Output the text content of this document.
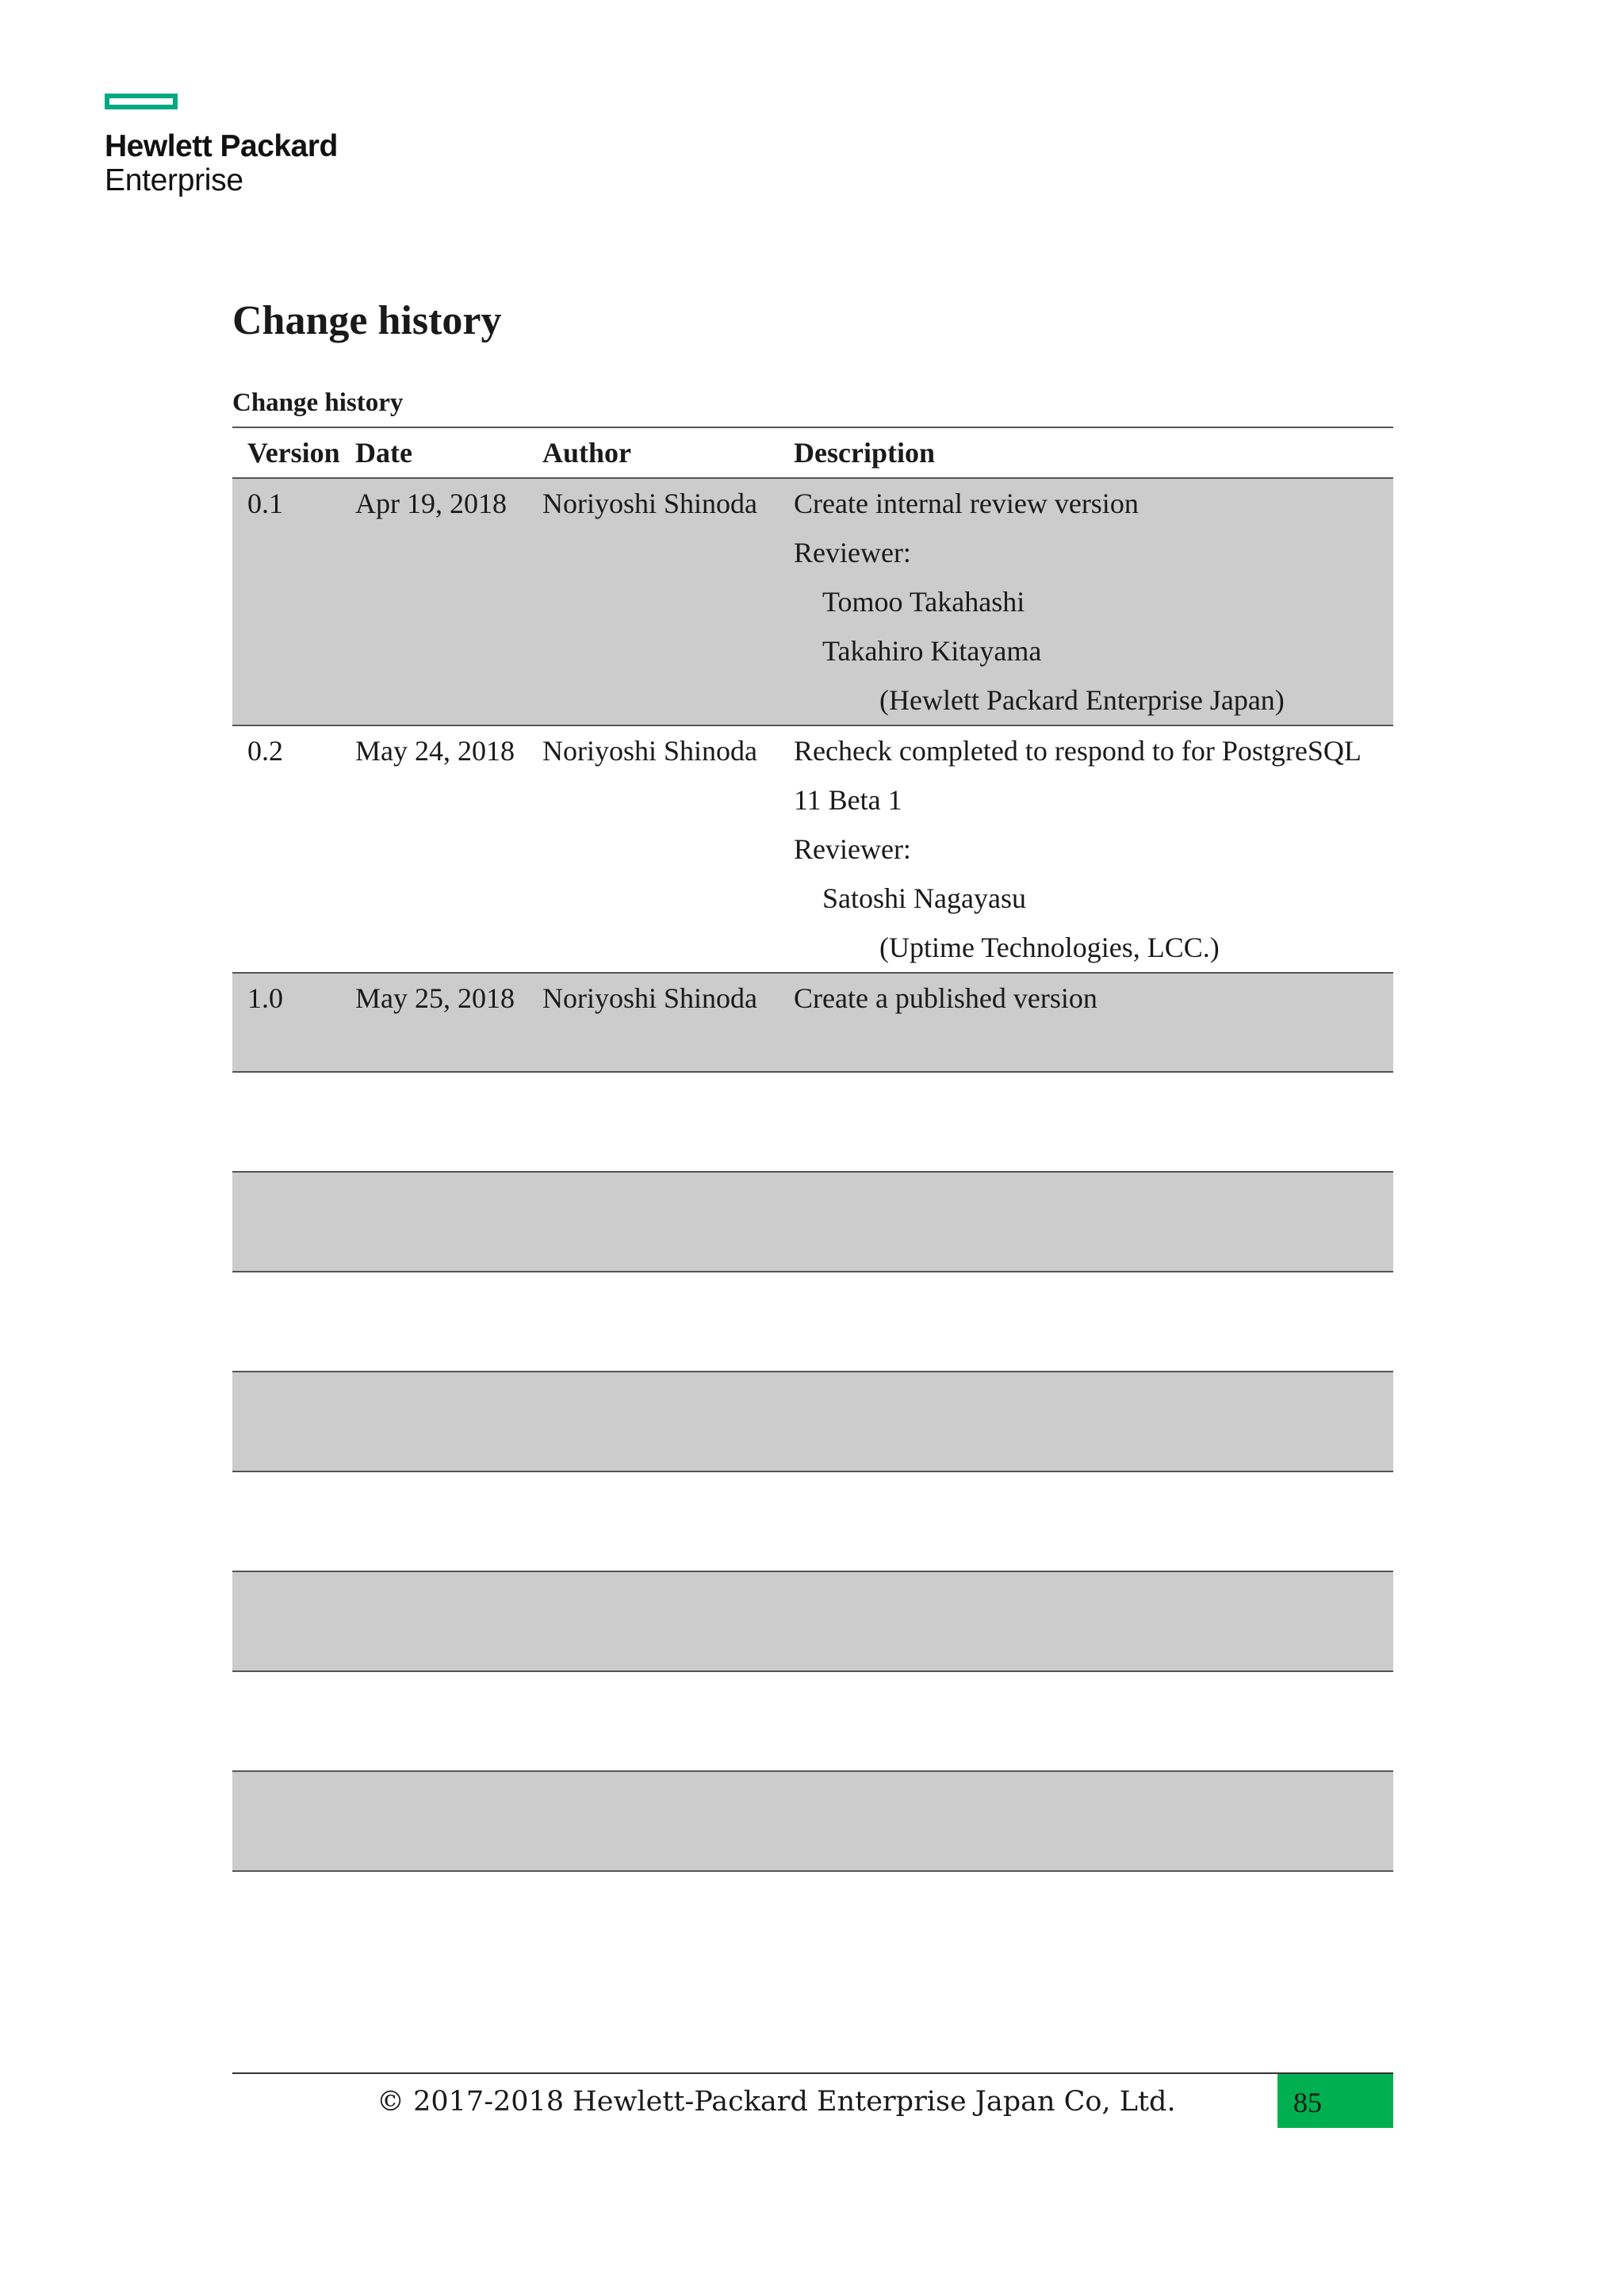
Hewlett Packard
Enterprise
Change history
Change history
Version Date	Author	Description
0.1	Apr 19, 2018	Noriyoshi Shinoda	Create internal review version
Reviewer:
Tomoo Takahashi
Takahiro Kitayama
(Hewlett Packard Enterprise Japan)
0.2	May 24, 2018 Noriyoshi Shinoda	Recheck completed to respond to for PostgreSQL
11 Beta 1
Reviewer:
Satoshi Nagayasu
(Uptime Technologies, LCC.)
1.0	May 25, 2018 Noriyoshi Shinoda	Create a published version
© 2017-2018 Hewlett-Packard Enterprise Japan Co, Ltd.	85
